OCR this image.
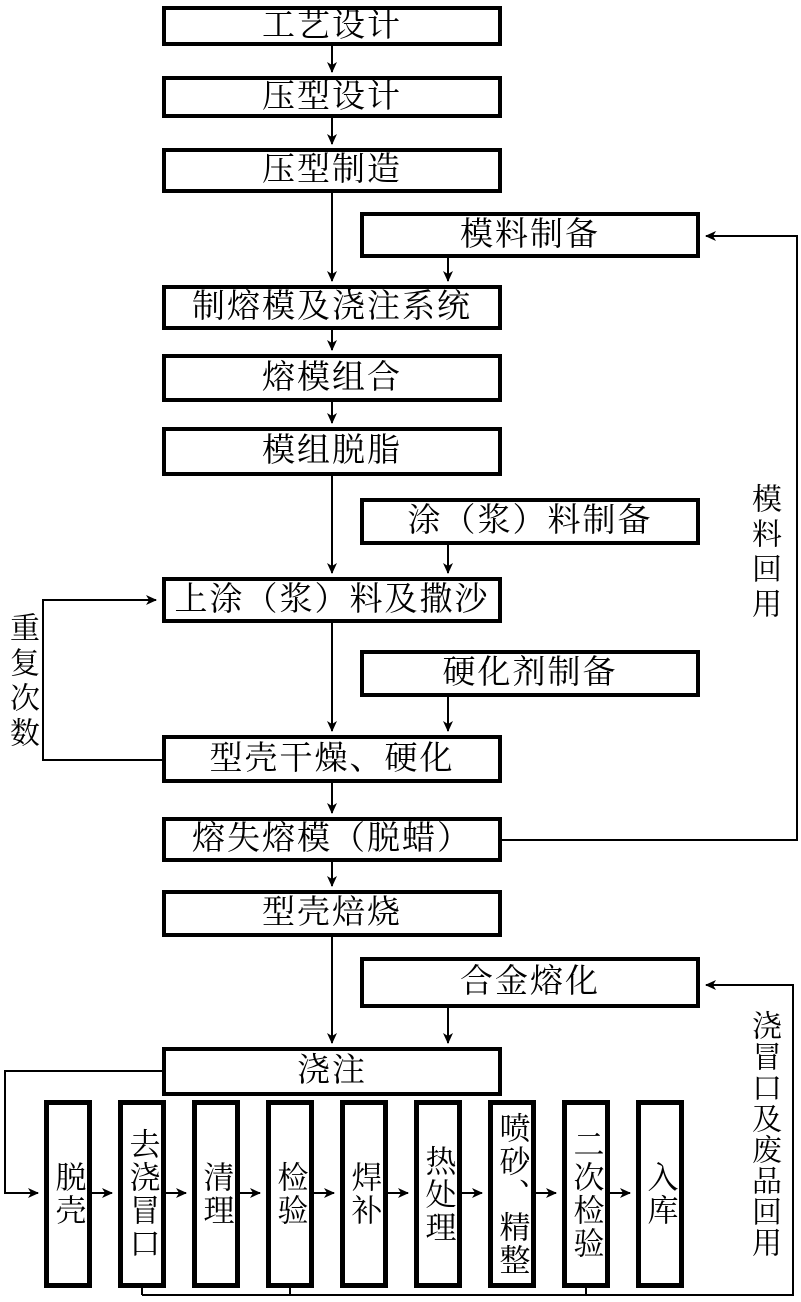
工艺设计
压型设计
压型制造
制熔模及浇注系统
熔模组合
模组脱脂
上涂（浆）料及撒沙
型壳干燥、硬化
熔失熔模（脱蜡）
型壳焙烧
浇注
模料制备
涂（浆）料制备
硬化剂制备
合金熔化
脱壳 去浇冒口 清理 检验 焊补 热处理 喷砂、精整 二次检验 入库
重复次数
模料回用
浇冒口及废品回用
